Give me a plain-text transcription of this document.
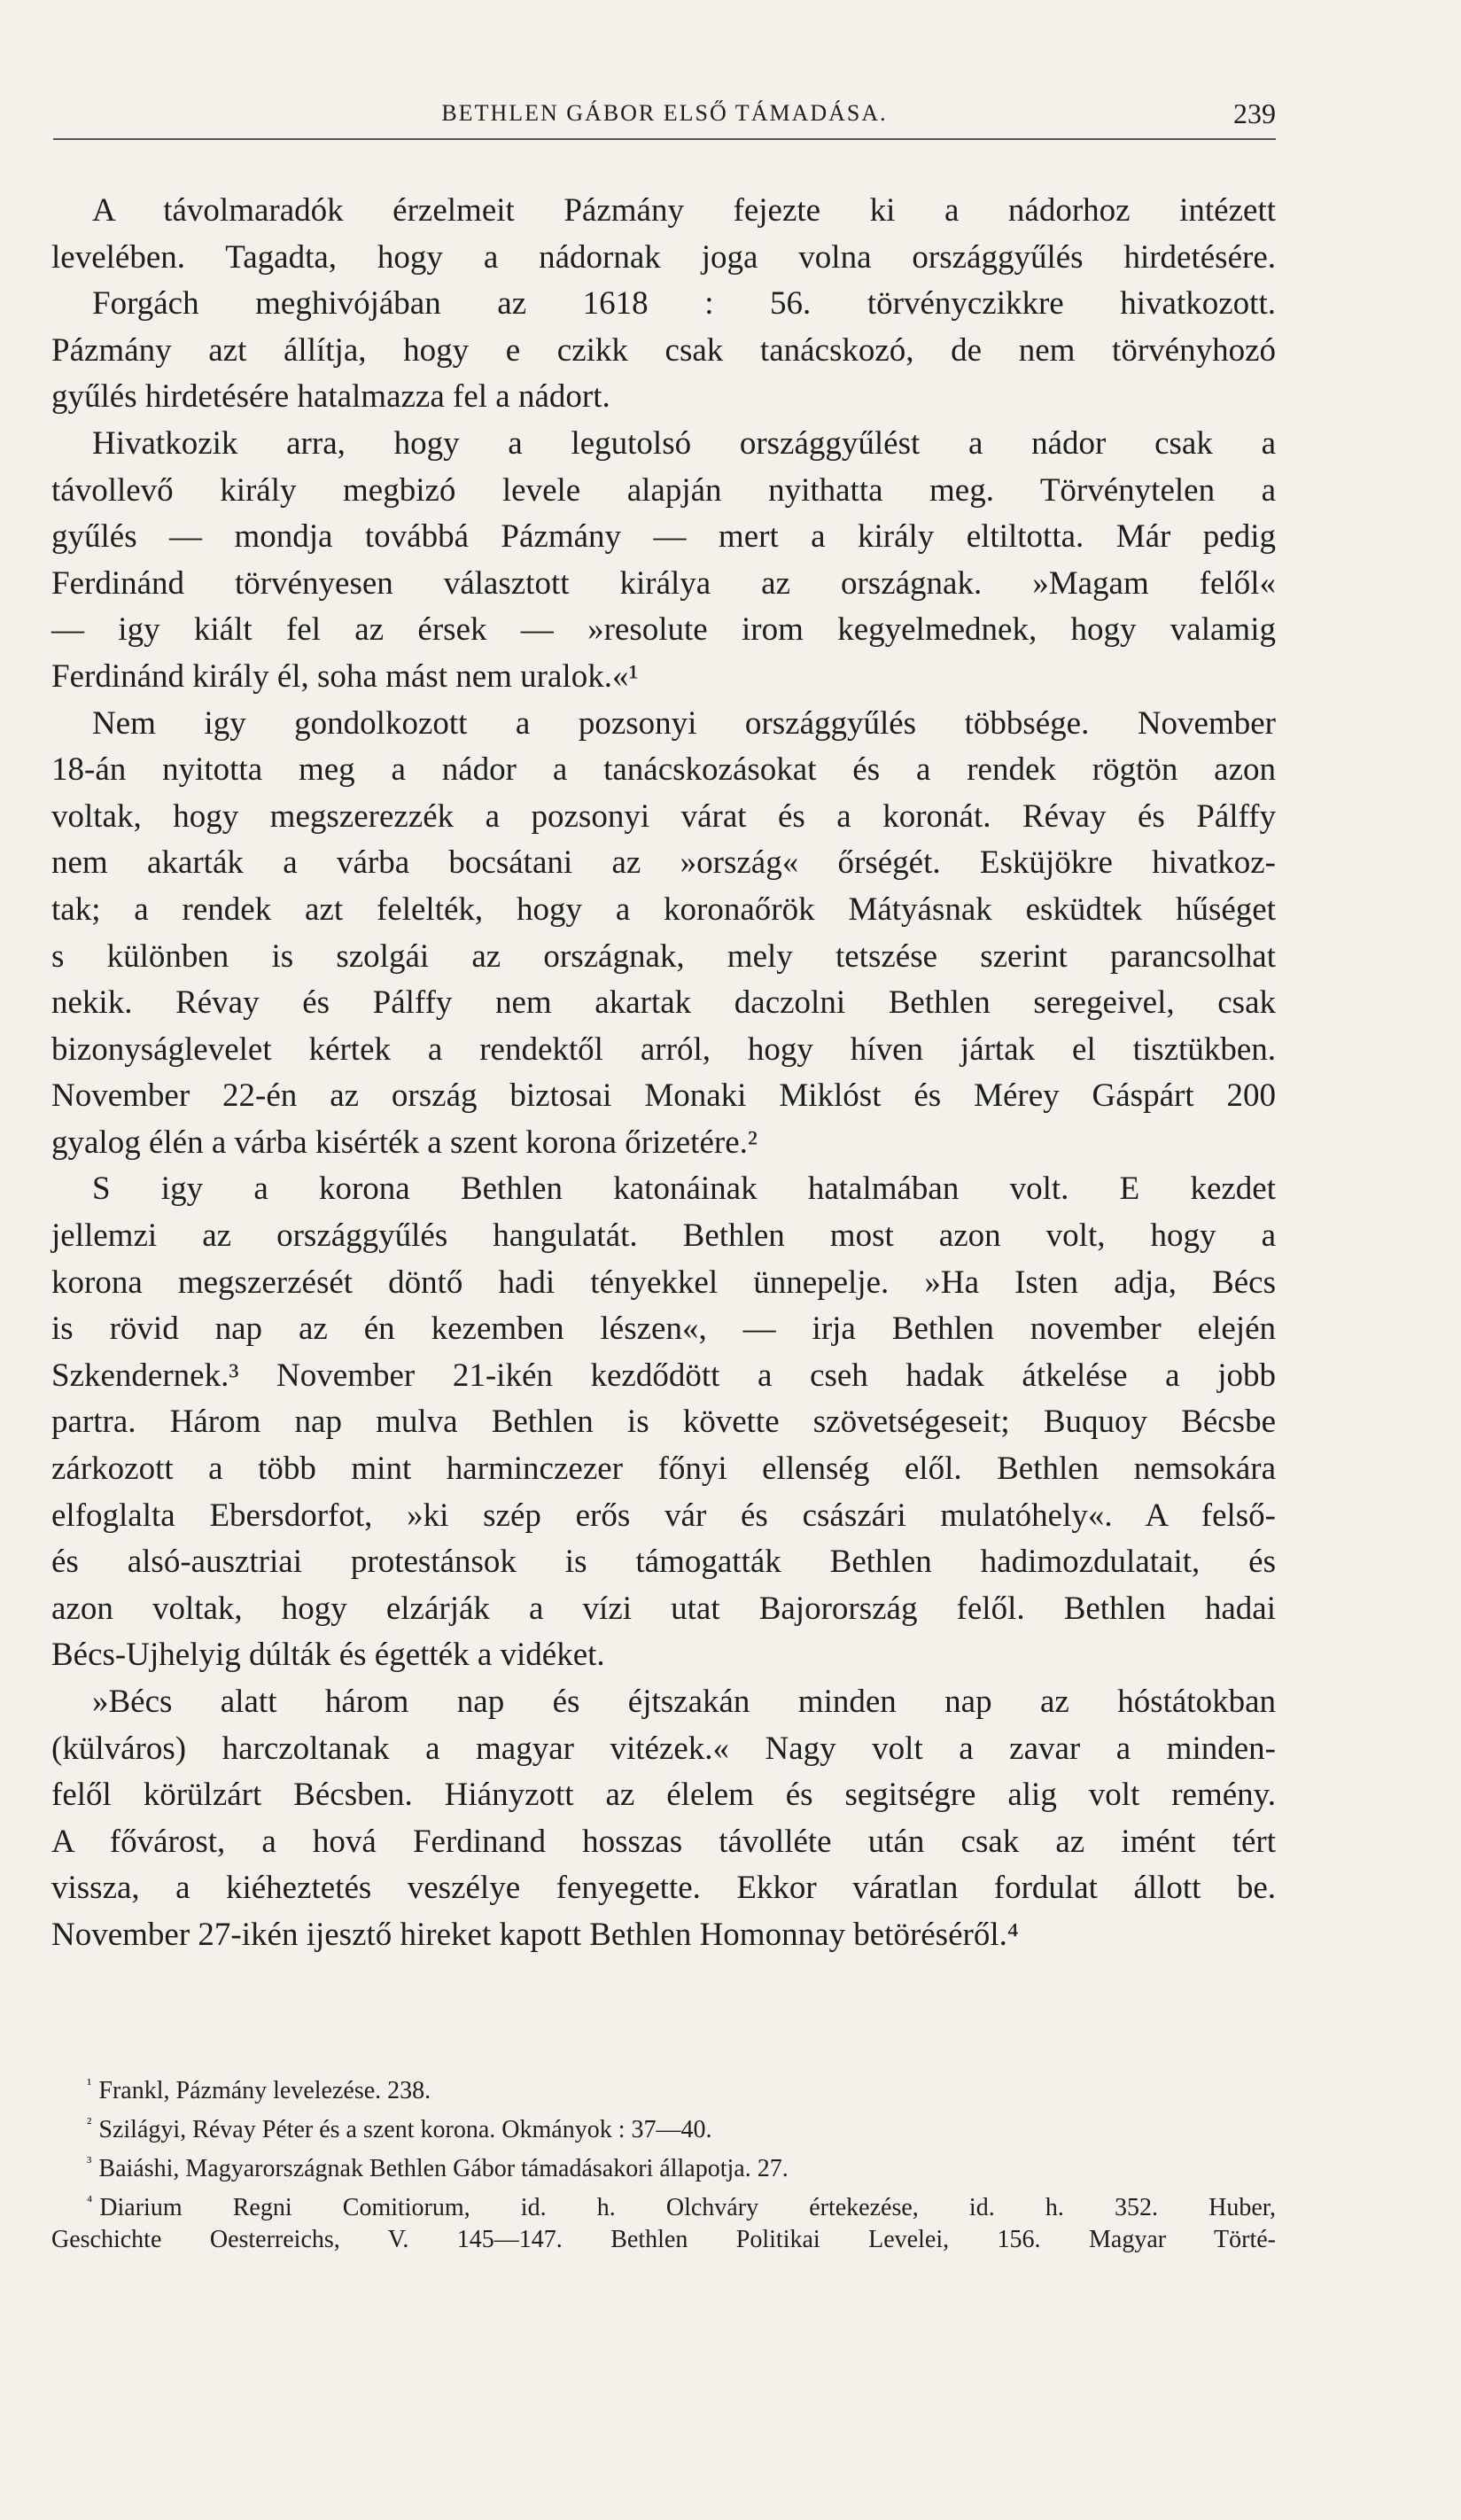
BETHLEN GÁBOR ELSŐ TÁMADÁSA.	239
A távolmaradók érzelmeit Pázmány fejezte ki a nádorhoz intézett
levelében. Tagadta, hogy a nádornak joga volna országgyűlés hirdetésére.
Forgách meghivójában az 1618 : 56. törvényczikkre hivatkozott.
Pázmány azt állítja, hogy e czikk csak tanácskozó, de nem törvényhozó
gyűlés hirdetésére hatalmazza fel a nádort.
Hivatkozik arra, hogy a legutolsó országgyűlést a nádor csak a
távollevő király megbizó levele alapján nyithatta meg. Törvénytelen a
gyűlés — mondja továbbá Pázmány — mert a király eltiltotta. Már pedig
Ferdinánd törvényesen választott királya az országnak. »Magam felől«
— igy kiált fel az érsek — »resolute irom kegyelmednek, hogy valamig
Ferdinánd király él, soha mást nem uralok.«¹
Nem igy gondolkozott a pozsonyi országgyűlés többsége. November
18-án nyitotta meg a nádor a tanácskozásokat és a rendek rögtön azon
voltak, hogy megszerezzék a pozsonyi várat és a koronát. Révay és Pálffy
nem akarták a várba bocsátani az »ország« őrségét. Esküjökre hivatkoz-
tak; a rendek azt felelték, hogy a koronaőrök Mátyásnak esküdtek hűséget
s különben is szolgái az országnak, mely tetszése szerint parancsolhat
nekik. Révay és Pálffy nem akartak daczolni Bethlen seregeivel, csak
bizonyságlevelet kértek a rendektől arról, hogy híven jártak el tisztükben.
November 22-én az ország biztosai Monaki Miklóst és Mérey Gáspárt 200
gyalog élén a várba kisérték a szent korona őrizetére.²
S igy a korona Bethlen katonáinak hatalmában volt. E kezdet
jellemzi az országgyűlés hangulatát. Bethlen most azon volt, hogy a
korona megszerzését döntő hadi tényekkel ünnepelje. »Ha Isten adja, Bécs
is rövid nap az én kezemben lészen«, — irja Bethlen november elején
Szkendernek.³ November 21-ikén kezdődött a cseh hadak átkelése a jobb
partra. Három nap mulva Bethlen is követte szövetségeseit; Buquoy Bécsbe
zárkozott a több mint harminczezer főnyi ellenség elől. Bethlen nemsokára
elfoglalta Ebersdorfot, »ki szép erős vár és császári mulatóhely«. A felső-
és alsó-ausztriai protestánsok is támogatták Bethlen hadimozdulatait, és
azon voltak, hogy elzárják a vízi utat Bajorország felől. Bethlen hadai
Bécs-Ujhelyig dúlták és égették a vidéket.
»Bécs alatt három nap és éjtszakán minden nap az hóstátokban
(külváros) harczoltanak a magyar vitézek.« Nagy volt a zavar a minden-
felől körülzárt Bécsben. Hiányzott az élelem és segitségre alig volt remény.
A fővárost, a hová Ferdinand hosszas távolléte után csak az imént tért
vissza, a kiéheztetés veszélye fenyegette. Ekkor váratlan fordulat állott be.
November 27-ikén ijesztő hireket kapott Bethlen Homonnay betöréséről.⁴
$^{^1}$ Frankl, Pázmány levelezése. 238.
$^{^2}$ Szilágyi, Révay Péter és a szent korona. Okmányok : 37—40.
$^{^3}$ Baiáshi, Magyarországnak Bethlen Gábor támadásakori állapotja. 27.
$^{^4}$ Diarium Regni Comitiorum, id. h. Olchváry értekezése, id. h. 352. Huber,
Geschichte Oesterreichs, V. 145—147. Bethlen Politikai Levelei, 156. Magyar Törté-
